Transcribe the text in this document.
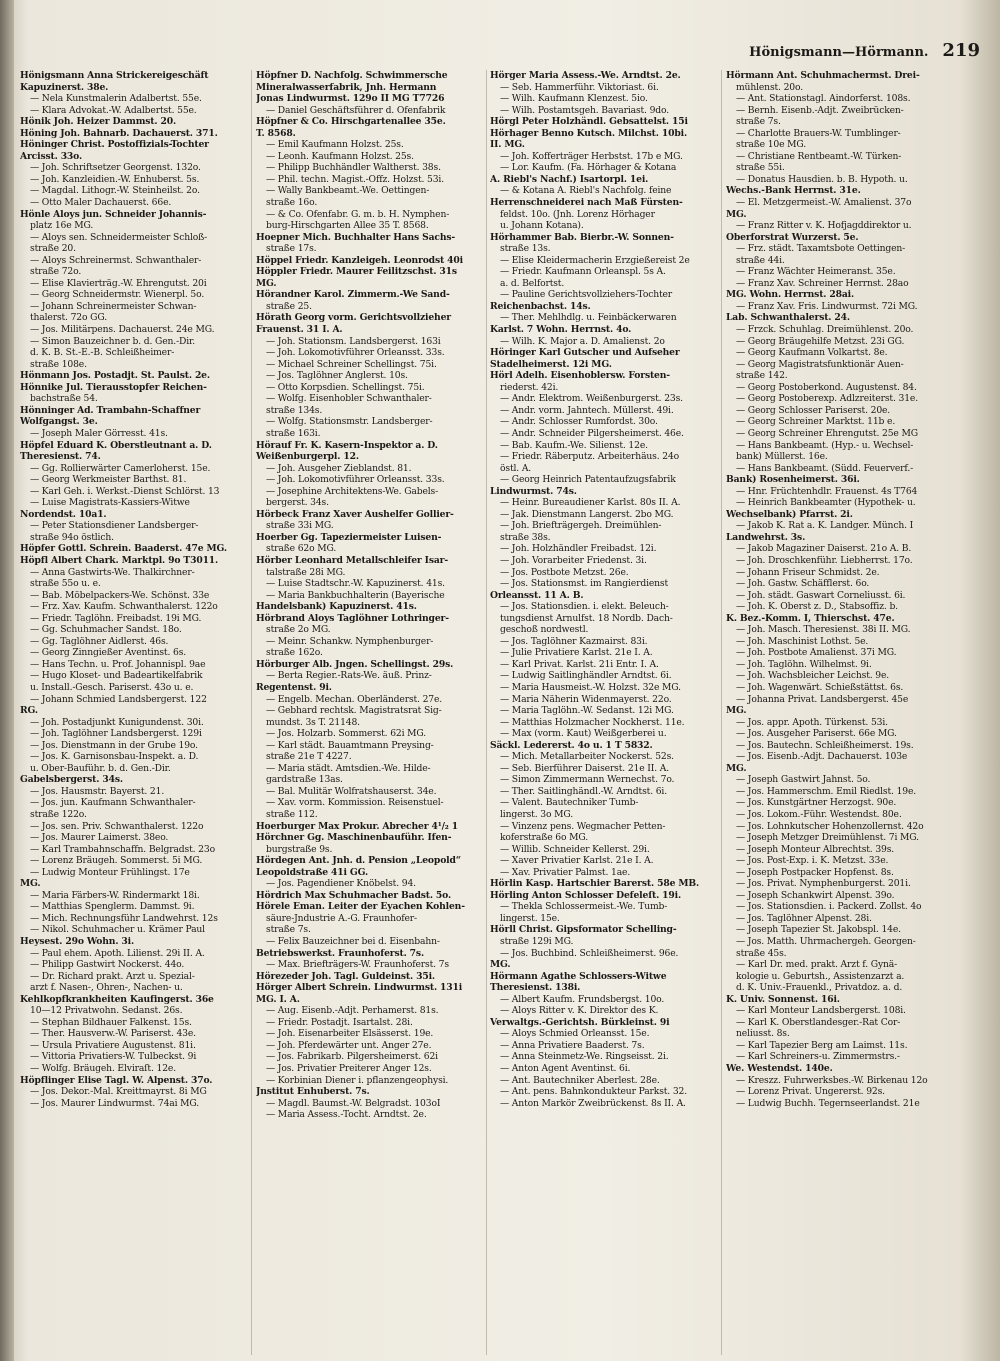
Hönigsmann—Hörmann. 219
Hönigsmann Anna Strickereigeschäft
Kapuzinerst. 38e.
— Nela Kunstmalerin Adalbertst. 55e.
— Klara Advokat.-W. Adalbertst. 55e.
Hönik Joh. Heizer Dammst. 20.
Höning Joh. Bahnarb. Dachauerst. 371.
Höninger Christ. Postoffizials-Tochter
Arcisst. 33o.
— Joh. Schriftsetzer Georgenst. 132o.
— Joh. Kanzleidien.-W. Enhuberst. 5s.
— Magdal. Lithogr.-W. Steinheilst. 2o.
— Otto Maler Dachauerst. 66e.
Hönle Aloys jun. Schneider Johannis-
platz 16e MG.
— Aloys sen. Schneidermeister Schloß-
straße 20.
— Aloys Schreinermst. Schwanthaler-
straße 72o.
— Elise Klavierträg.-W. Ehrengutst. 20i
— Georg Schneidermstr. Wienerpl. 5o.
— Johann Schreinermeister Schwan-
thalerst. 72o GG.
— Jos. Militärpens. Dachauerst. 24e MG.
— Simon Bauzeichner b. d. Gen.-Dir.
d. K. B. St.-E.-B. Schleißheimer-
straße 108e.
Hönmann Jos. Postadjt. St. Paulst. 2e.
Hönnike Jul. Tierausstopfer Reichen-
bachstraße 54.
Hönninger Ad. Trambahn-Schaffner
Wolfgangst. 3e.
— Joseph Maler Görresst. 41s.
Höpfel Eduard K. Oberstleutnant a. D.
Theresienst. 74.
— Gg. Rollierwärter Camerloherst. 15e.
— Georg Werkmeister Barthst. 81.
— Karl Geh. i. Werkst.-Dienst Schlörst. 13
— Luise Magistrats-Kassiers-Witwe
Nordendst. 10a1.
— Peter Stationsdiener Landsberger-
straße 94o östlich.
Höpfer Gottl. Schrein. Baaderst. 47e MG.
Höpfl Albert Chark. Marktpl. 9o T3011.
— Anna Gastwirts-We. Thalkirchner-
straße 55o u. e.
— Bab. Möbelpackers-We. Schönst. 33e
— Frz. Xav. Kaufm. Schwanthalerst. 122o
— Friedr. Taglöhn. Freibadst. 19i MG.
— Gg. Schuhmacher Sandst. 18o.
— Gg. Taglöhner Aidlerst. 46s.
— Georg Zinngießer Aventinst. 6s.
— Hans Techn. u. Prof. Johannispl. 9ae
— Hugo Kloset- und Badeartikelfabrik
u. Install.-Gesch. Pariserst. 43o u. e.
— Johann Schmied Landsbergerst. 122
RG.
— Joh. Postadjunkt Kunigundenst. 30i.
— Joh. Taglöhner Landsbergerst. 129i
— Jos. Dienstmann in der Grube 19o.
— Jos. K. Garnisonsbau-Inspekt. a. D.
u. Ober-Bauführ. b. d. Gen.-Dir.
Gabelsbergerst. 34s.
— Jos. Hausmstr. Bayerst. 21.
— Jos. jun. Kaufmann Schwanthaler-
straße 122o.
— Jos. sen. Priv. Schwanthalerst. 122o
— Jos. Maurer Laimerst. 38eo.
— Karl Trambahnschaffn. Belgradst. 23o
— Lorenz Bräugeh. Sommerst. 5i MG.
— Ludwig Monteur Frühlingst. 17e
MG.
— Maria Färbers-W. Rindermarkt 18i.
— Matthias Spenglerm. Dammst. 9i.
— Mich. Rechnungsführ Landwehrst. 12s
— Nikol. Schuhmacher u. Krämer Paul
Heysest. 29o Wohn. 3i.
— Paul ehem. Apoth. Lilienst. 29i II. A.
— Philipp Gastwirt Nockerst. 44o.
— Dr. Richard prakt. Arzt u. Spezial-
arzt f. Nasen-, Ohren-, Nachen- u.
Kehlkopfkrankheiten Kaufingerst. 36e
10—12 Privatwohn. Sedanst. 26s.
— Stephan Bildhauer Falkenst. 15s.
— Ther. Hausverw.-W. Pariserst. 43e.
— Ursula Privatiere Augustenst. 81i.
— Vittoria Privatiers-W. Tulbeckst. 9i
— Wolfg. Bräugeh. Elviraſt. 12e.
Höpflinger Elise Tagl. W. Alpenst. 37o.
— Jos. Dekor.-Mal. Kreittmayrst. 8i MG
— Jos. Maurer Lindwurmst. 74ai MG.
Höpfner D. Nachfolg. Schwimmersche
Mineralwasserfabrik, Jnh. Hermann
Jonas Lindwurmst. 129o II MG T7726
— Daniel Geschäftsführer d. Ofenfabrik
Höpfner & Co. Hirschgartenallee 35e.
T. 8568.
— Emil Kaufmann Holzst. 25s.
— Leonh. Kaufmann Holzst. 25s.
— Philipp Buchhändler Waltherst. 38s.
— Phil. techn. Magist.-Offz. Holzst. 53i.
— Wally Bankbeamt.-We. Oettingen-
straße 16o.
— & Co. Ofenfabr. G. m. b. H. Nymphen-
burg-Hirschgarten Allee 35 T. 8568.
Hoepner Mich. Buchhalter Hans Sachs-
straße 17s.
Höppel Friedr. Kanzleigeh. Leonrodst 40i
Höppler Friedr. Maurer Feilitzschst. 31s
MG.
Hörandner Karol. Zimmerm.-We Sand-
straße 25.
Hörath Georg vorm. Gerichtsvollzieher
Frauenst. 31 I. A.
— Joh. Stationsm. Landsbergerst. 163i
— Joh. Lokomotivführer Orleansst. 33s.
— Michael Schreiner Schellingst. 75i.
— Jos. Taglöhner Anglerst. 10s.
— Otto Korpsdien. Schellingst. 75i.
— Wolfg. Eisenhobler Schwanthaler-
straße 134s.
— Wolfg. Stationsmstr. Landsberger-
straße 163i.
Hörauf Fr. K. Kasern-Inspektor a. D.
Weißenburgerpl. 12.
— Joh. Ausgeher Zieblandst. 81.
— Joh. Lokomotivführer Orleansst. 33s.
— Josephine Architektens-We. Gabels-
bergerst. 34s.
Hörbeck Franz Xaver Aushelfer Gollier-
straße 33i MG.
Hoerber Gg. Tapeziermeister Luisen-
straße 62o MG.
Hörber Leonhard Metallschleifer Isar-
talstraße 28i MG.
— Luise Stadtschr.-W. Kapuzinerst. 41s.
— Maria Bankbuchhalterin (Bayerische
Handelsbank) Kapuzinerst. 41s.
Hörbrand Aloys Taglöhner Lothringer-
straße 2o MG.
— Meinr. Schankw. Nymphenburger-
straße 162o.
Hörburger Alb. Jngen. Schellingst. 29s.
— Berta Regier.-Rats-We. äuß. Prinz-
Regentenst. 9i.
— Engelb. Mechan. Oberländerst. 27e.
— Gebhard rechtsk. Magistratsrat Sig-
mundst. 3s T. 21148.
— Jos. Holzarb. Sommerst. 62i MG.
— Karl städt. Bauamtmann Preysing-
straße 21e T 4227.
— Maria städt. Amtsdien.-We. Hilde-
gardstraße 13as.
— Bal. Mulitär Wolfratshauserst. 34e.
— Xav. vorm. Kommission. Reisenstuel-
straße 112.
Hoerburger Max Prokur. Abrecher 4¹/₂ 1
Hörchner Gg. Maschinenbauführ. Ifen-
burgstraße 9s.
Hördegen Ant. Jnh. d. Pension „Leopold“
Leopoldstraße 41i GG.
— Jos. Pagendiener Knöbelst. 94.
Hördrich Max Schuhmacher Badst. 5o.
Hörele Eman. Leiter der Eyachen Kohlen-
säure-Jndustrie A.-G. Fraunhofer-
straße 7s.
— Felix Bauzeichner bei d. Eisenbahn-
Betriebswerkst. Fraunhoferst. 7s.
— Max. Briefträgers-W. Fraunhoferst. 7s
Hörezeder Joh. Tagl. Guldeinst. 35i.
Hörger Albert Schrein. Lindwurmst. 131i
MG. I. A.
— Aug. Eisenb.-Adjt. Perhamerst. 81s.
— Friedr. Postadjt. Isartalst. 28i.
— Joh. Eisenarbeiter Elsässerst. 19e.
— Joh. Pferdewärter unt. Anger 27e.
— Jos. Fabrikarb. Pilgersheimerst. 62i
— Jos. Privatier Preiterer Anger 12s.
— Korbinian Diener i. pflanzengeophysi.
Jnstitut Enhuberst. 7s.
— Magdl. Baumst.-W. Belgradst. 103oI
— Maria Assess.-Tocht. Arndtst. 2e.
Hörger Maria Assess.-We. Arndtst. 2e.
— Seb. Hammerführ. Viktoriast. 6i.
— Wilh. Kaufmann Klenzest. 5io.
— Wilh. Postamtsgeh. Bavariast. 9do.
Hörgl Peter Holzhändl. Gebsattelst. 15i
Hörhager Benno Kutsch. Milchst. 10bi.
II. MG.
— Joh. Kofferträger Herbstst. 17b e MG.
— Lor. Kaufm. (Fa. Hörhager & Kotana
A. Riebl's Nachf.) Isartorpl. 1ei.
— & Kotana A. Riebl's Nachfolg. feine
Herrenschneiderei nach Maß Fürsten-
feldst. 10o. (Jnh. Lorenz Hörhager
u. Johann Kotana).
Hörhammer Bab. Bierbr.-W. Sonnen-
straße 13s.
— Elise Kleidermacherin Erzgießereist 2e
— Friedr. Kaufmann Orleanspl. 5s A.
a. d. Belfortst.
— Pauline Gerichtsvollziehers-Tochter
Reichenbachst. 14s.
— Ther. Mehlhdlg. u. Feinbäckerwaren
Karlst. 7 Wohn. Herrnst. 4o.
— Wilh. K. Major a. D. Amalienst. 2o
Höringer Karl Gutscher und Aufseher
Stadelheimerst. 12i MG.
Hörl Adelh. Eisenhoblersw. Forsten-
riederst. 42i.
— Andr. Elektrom. Weißenburgerst. 23s.
— Andr. vorm. Jahntech. Müllerst. 49i.
— Andr. Schlosser Rumfordst. 30o.
— Andr. Schneider Pilgersheimerst. 46e.
— Bab. Kaufm.-We. Silienst. 12e.
— Friedr. Räberputz. Arbeiterhäus. 24o
östl. A.
— Georg Heinrich Patentaufzugsfabrik
Lindwurmst. 74s.
— Heinr. Bureaudiener Karlst. 80s II. A.
— Jak. Dienstmann Langerst. 2bo MG.
— Joh. Briefträgergeh. Dreimühlen-
straße 38s.
— Joh. Holzhändler Freibadst. 12i.
— Joh. Vorarbeiter Friedenst. 3i.
— Jos. Postbote Metzst. 26e.
— Jos. Stationsmst. im Rangierdienst
Orleansst. 11 A. B.
— Jos. Stationsdien. i. elekt. Beleuch-
tungsdienst Arnulfst. 18 Nordb. Dach-
geschoß nordwestl.
— Jos. Taglöhner Kazmairst. 83i.
— Julie Privatiere Karlst. 21e I. A.
— Karl Privat. Karlst. 21i Entr. I. A.
— Ludwig Saitlinghändler Arndtst. 6i.
— Maria Hausmeist.-W. Holzst. 32e MG.
— Maria Näherin Widenmayerst. 22o.
— Maria Taglöhn.-W. Sedanst. 12i MG.
— Matthias Holzmacher Nockherst. 11e.
— Max (vorm. Kaut) Weißgerberei u.
Säckl. Ledererst. 4o u. 1 T 5832.
— Mich. Metallarbeiter Nockerst. 52s.
— Seb. Bierführer Daiserst. 21e II. A.
— Simon Zimmermann Wernechst. 7o.
— Ther. Saitlinghändl.-W. Arndtst. 6i.
— Valent. Bautechniker Tumb-
lingerst. 3o MG.
— Vinzenz pens. Wegmacher Petten-
koferstraße 6o MG.
— Willib. Schneider Kellerst. 29i.
— Xaver Privatier Karlst. 21e I. A.
— Xav. Privatier Palmst. 1ae.
Hörlin Kasp. Hartschier Barerst. 58e MB.
Hörling Anton Schlosser Defeleſt. 19i.
— Thekla Schlossermeist.-We. Tumb-
lingerst. 15e.
Hörll Christ. Gipsformator Schelling-
straße 129i MG.
— Jos. Buchbind. Schleißheimerst. 96e.
MG.
Hörmann Agathe Schlossers-Witwe
Theresienst. 138i.
— Albert Kaufm. Frundsbergst. 10o.
— Aloys Ritter v. K. Direktor des K.
Verwaltgs.-Gerichtsh. Bürkleinst. 9i
— Aloys Schmied Orleansst. 15e.
— Anna Privatiere Baaderst. 7s.
— Anna Steinmetz-We. Ringseisst. 2i.
— Anton Agent Aventinst. 6i.
— Ant. Bautechniker Aberlest. 28e.
— Ant. pens. Bahnkondukteur Parkst. 32.
— Anton Markör Zweibrückenst. 8s II. A.
Hörmann Ant. Schuhmachermst. Drei-
mühlenst. 20o.
— Ant. Stationstagl. Aindorferst. 108s.
— Bernh. Eisenb.-Adjt. Zweibrücken-
straße 7s.
— Charlotte Brauers-W. Tumblinger-
straße 10e MG.
— Christiane Rentbeamt.-W. Türken-
straße 55i.
— Donatus Hausdien. b. B. Hypoth. u.
Wechs.-Bank Herrnst. 31e.
— El. Metzgermeist.-W. Amalienst. 37o
MG.
— Franz Ritter v. K. Hofjagddirektor u.
Oberforstrat Wurzerst. 5e.
— Frz. städt. Taxamtsbote Oettingen-
straße 44i.
— Franz Wächter Heimeranst. 35e.
— Franz Xav. Schreiner Herrnst. 28ao
MG. Wohn. Herrnst. 28ai.
— Franz Xav. Fris. Lindwurmst. 72i MG.
Lab. Schwanthalerst. 24.
— Frzck. Schuhlag. Dreimühlenst. 20o.
— Georg Bräugehilfe Metzst. 23i GG.
— Georg Kaufmann Volkartst. 8e.
— Georg Magistratsfunktionär Auen-
straße 142.
— Georg Postoberkond. Augustenst. 84.
— Georg Postoberexp. Adlzreiterst. 31e.
— Georg Schlosser Pariserst. 20e.
— Georg Schreiner Marktst. 11b e.
— Georg Schreiner Ehrengutst. 25e MG
— Hans Bankbeamt. (Hyp.- u. Wechsel-
bank) Müllerst. 16e.
— Hans Bankbeamt. (Südd. Feuerverf.-
Bank) Rosenheimerst. 36i.
— Hnr. Früchtenhdlr. Frauenst. 4s T764
— Heinrich Bankbeamter (Hypothek- u.
Wechselbank) Pfarrst. 2i.
— Jakob K. Rat a. K. Landger. Münch. I
Landwehrst. 3s.
— Jakob Magaziner Daiserst. 21o A. B.
— Joh. Droschkenführ. Liebherrst. 17o.
— Johann Friseur Schmidst. 2e.
— Joh. Gastw. Schäfflerst. 6o.
— Joh. städt. Gaswart Corneliusst. 6i.
— Joh. K. Oberst z. D., Stabsoffiz. b.
K. Bez.-Komm. I, Thierschst. 47e.
— Joh. Masch. Theresienst. 38i II. MG.
— Joh. Maschinist Lothst. 5e.
— Joh. Postbote Amalienst. 37i MG.
— Joh. Taglöhn. Wilhelmst. 9i.
— Joh. Wachsbleicher Leichst. 9e.
— Joh. Wagenwärt. Schießstättst. 6s.
— Johanna Privat. Landsbergerst. 45e
MG.
— Jos. appr. Apoth. Türkenst. 53i.
— Jos. Ausgeher Pariserst. 66e MG.
— Jos. Bautechn. Schleißheimerst. 19s.
— Jos. Eisenb.-Adjt. Dachauerst. 103e
MG.
— Joseph Gastwirt Jahnst. 5o.
— Jos. Hammerschm. Emil Riedlst. 19e.
— Jos. Kunstgärtner Herzogst. 90e.
— Jos. Lokom.-Führ. Westendst. 80e.
— Jos. Lohnkutscher Hohenzollernst. 42o
— Joseph Metzger Dreimühlenst. 7i MG.
— Joseph Monteur Albrechtst. 39s.
— Jos. Post-Exp. i. K. Metzst. 33e.
— Joseph Postpacker Hopfenst. 8s.
— Jos. Privat. Nymphenburgerst. 201i.
— Joseph Schankwirt Alpenst. 39o.
— Jos. Stationsdien. i. Packerd. Zollst. 4o
— Jos. Taglöhner Alpenst. 28i.
— Joseph Tapezier St. Jakobspl. 14e.
— Jos. Matth. Uhrmachergeh. Georgen-
straße 45s.
— Karl Dr. med. prakt. Arzt f. Gynä-
kologie u. Geburtsh., Assistenzarzt a.
d. K. Univ.-Frauenkl., Privatdoz. a. d.
K. Univ. Sonnenst. 16i.
— Karl Monteur Landsbergerst. 108i.
— Karl K. Oberstlandesger.-Rat Cor-
neliusst. 8s.
— Karl Tapezier Berg am Laimst. 11s.
— Karl Schreiners-u. Zimmermstrs.-
We. Westendst. 140e.
— Kreszz. Fuhrwerksbes.-W. Birkenau 12o
— Lorenz Privat. Ungererst. 92s.
— Ludwig Buchh. Tegernseerlandst. 21e
